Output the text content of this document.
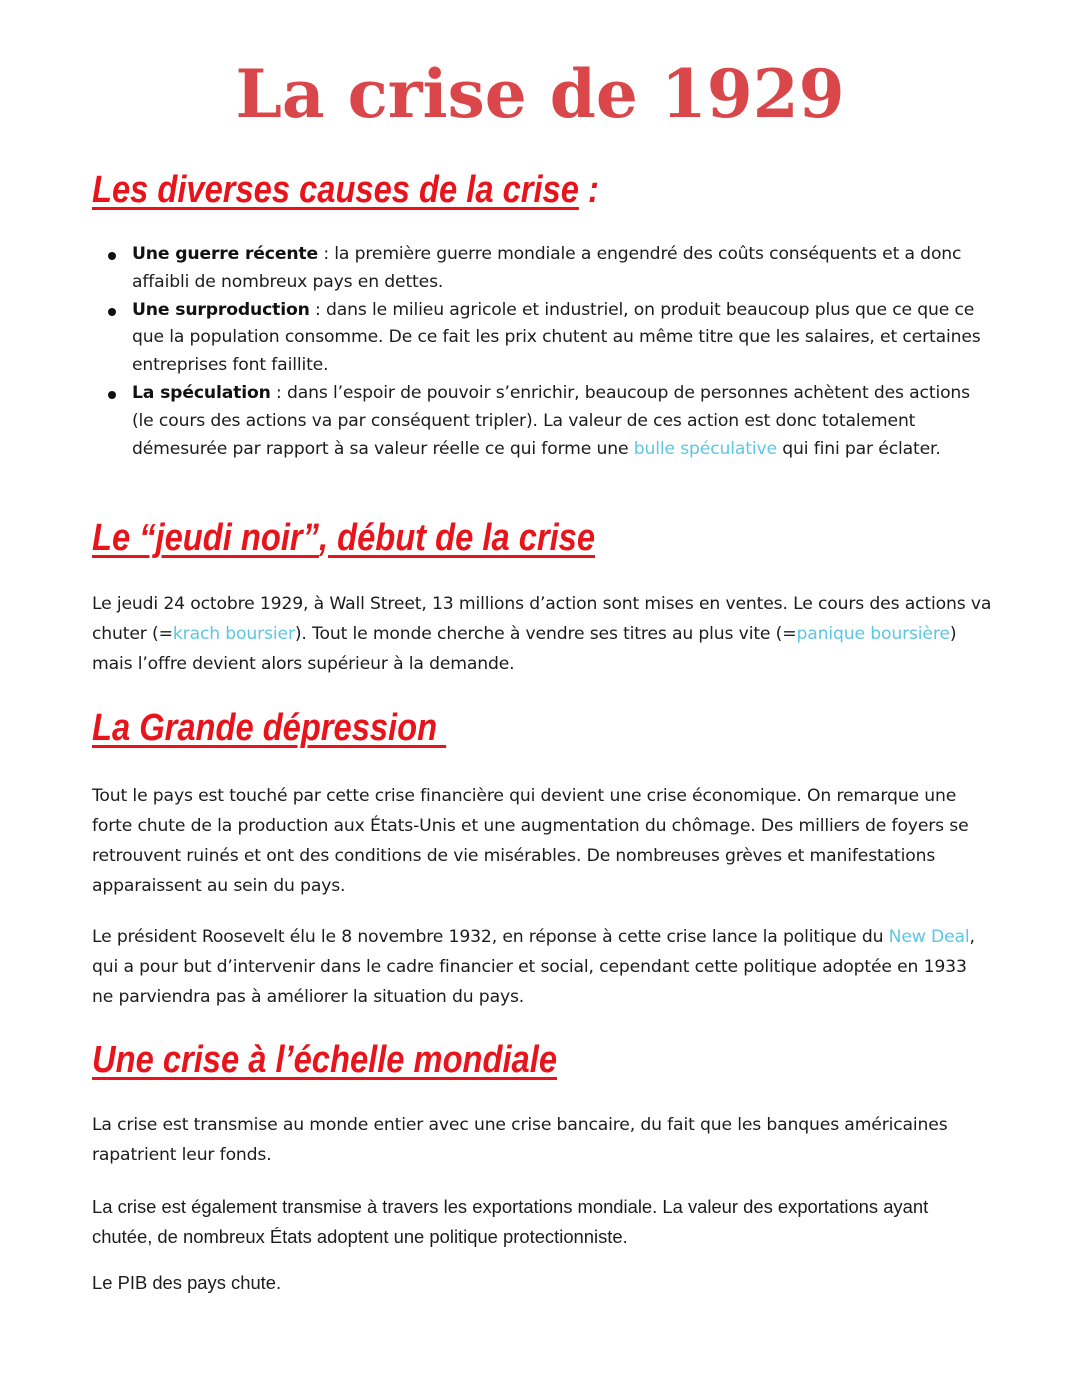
La crise de 1929
Les diverses causes de la crise :
Une guerre récente : la première guerre mondiale a engendré des coûts conséquents et a donc affaibli de nombreux pays en dettes.
Une surproduction : dans le milieu agricole et industriel, on produit beaucoup plus que ce que ce que la population consomme. De ce fait les prix chutent au même titre que les salaires, et certaines entreprises font faillite.
La spéculation : dans l’espoir de pouvoir s’enrichir, beaucoup de personnes achètent des actions (le cours des actions va par conséquent tripler). La valeur de ces action est donc totalement démesurée par rapport à sa valeur réelle ce qui forme une bulle spéculative qui fini par éclater.
Le “jeudi noir”, début de la crise

Le jeudi 24 octobre 1929, à Wall Street, 13 millions d’action sont mises en ventes. Le cours des actions va chuter (=krach boursier). Tout le monde cherche à vendre ses titres au plus vite (=panique boursière) mais l’offre devient alors supérieur à la demande.

La Grande dépression

Tout le pays est touché par cette crise financière qui devient une crise économique. On remarque une forte chute de la production aux États-Unis et une augmentation du chômage. Des milliers de foyers se retrouvent ruinés et ont des conditions de vie misérables. De nombreuses grèves et manifestations apparaissent au sein du pays.

Le président Roosevelt élu le 8 novembre 1932, en réponse à cette crise lance la politique du New Deal, qui a pour but d’intervenir dans le cadre financier et social, cependant cette politique adoptée en 1933 ne parviendra pas à améliorer la situation du pays.

Une crise à l’échelle mondiale

La crise est transmise au monde entier avec une crise bancaire, du fait que les banques américaines rapatrient leur fonds.

La crise est également transmise à travers les exportations mondiale. La valeur des exportations ayant chutée, de nombreux États adoptent une politique protectionniste.

Le PIB des pays chute.
